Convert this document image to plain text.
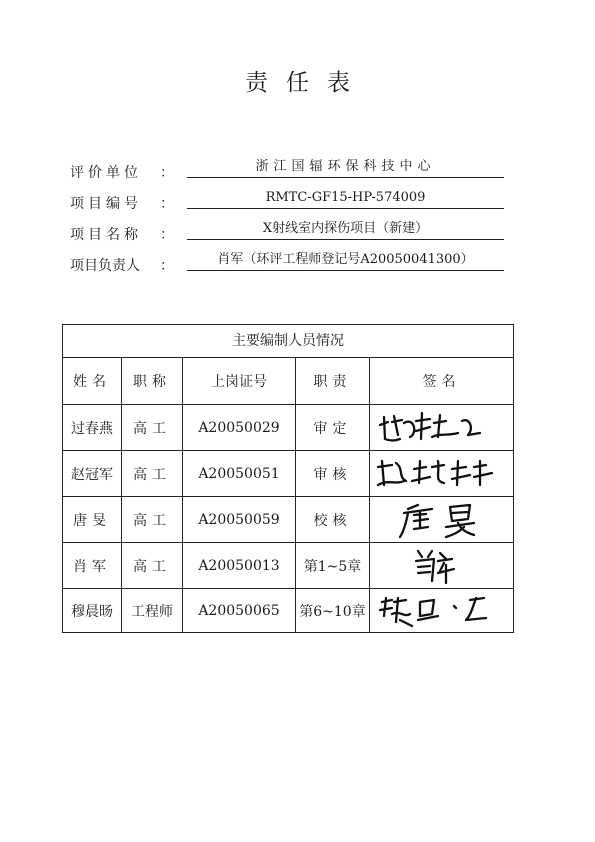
责任表
评价单位 ：	浙江国辐环保科技中心
项目编号 ：	RMTC-GF15-HP-574009
项目名称 ：	X射线室内探伤项目（新建）
项目负责人 ：	肖军（环评工程师登记号A20050041300）
主要编制人员情况
姓名	职称	上岗证号	职责	签名
过春燕	高工	A20050029	审定
赵冠军	高工	A20050051	审核
唐旻	高工	A20050059	校核
肖军	高工	A20050013	第1~5章
穆晨旸	工程师	A20050065	第6~10章
